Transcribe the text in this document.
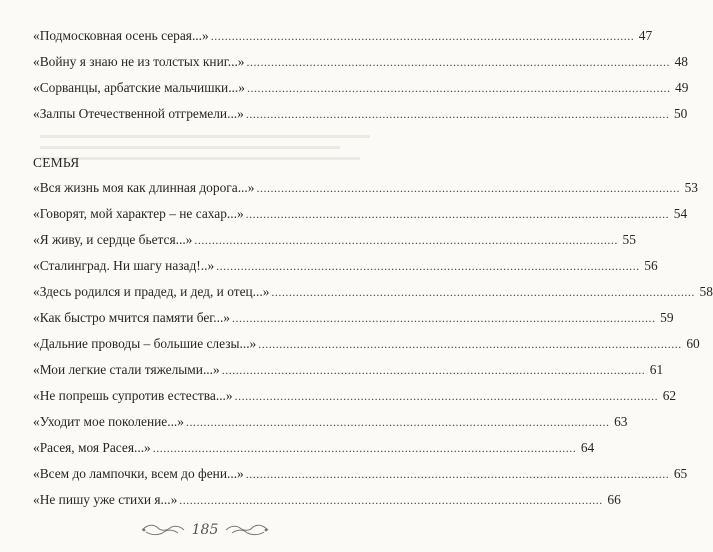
«Подмосковная осень серая...» ......................................................................................................................... 47
«Войну я знаю не из толстых книг...» ......................................................................................................................... 48
«Сорванцы, арбатские мальчишки...» ......................................................................................................................... 49
«Залпы Отечественной отгремели...» ......................................................................................................................... 50
СЕМЬЯ
«Вся жизнь моя как длинная дорога...» ......................................................................................................................... 53
«Говорят, мой характер – не сахар...» ......................................................................................................................... 54
«Я живу, и сердце бьется...» ......................................................................................................................... 55
«Сталинград. Ни шагу назад!..» ......................................................................................................................... 56
«Здесь родился и прадед, и дед, и отец...» ......................................................................................................................... 58
«Как быстро мчится памяти бег...» ......................................................................................................................... 59
«Дальние проводы – большие слезы...» ......................................................................................................................... 60
«Мои легкие стали тяжелыми...» ......................................................................................................................... 61
«Не попрешь супротив естества...» ......................................................................................................................... 62
«Уходит мое поколение...» ......................................................................................................................... 63
«Расея, моя Расея...» ......................................................................................................................... 64
«Всем до лампочки, всем до фени...» ......................................................................................................................... 65
«Не пишу уже стихи я...» ......................................................................................................................... 66
185
